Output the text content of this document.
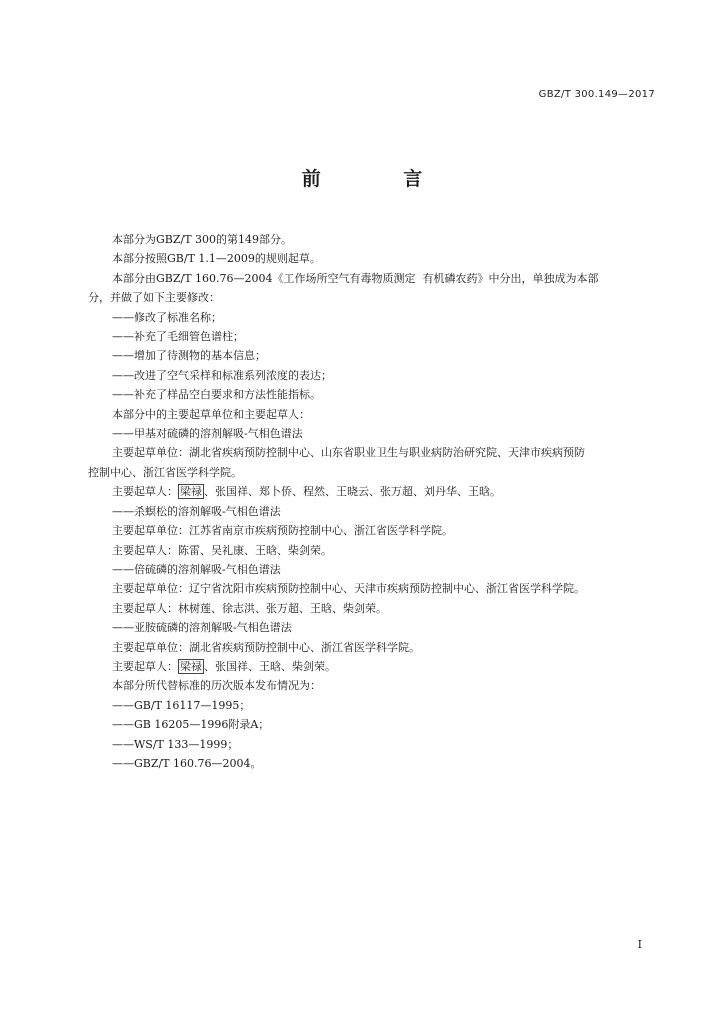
GBZ/T 300.149—2017
前 言
本部分为GBZ/T 300的第149部分。
本部分按照GB/T 1.1—2009的规则起草。
本部分由GBZ/T 160.76—2004《工作场所空气有毒物质测定  有机磷农药》中分出，单独成为本部
分，并做了如下主要修改：
——修改了标准名称；
——补充了毛细管色谱柱；
——增加了待测物的基本信息；
——改进了空气采样和标准系列浓度的表达；
——补充了样品空白要求和方法性能指标。
本部分中的主要起草单位和主要起草人：
——甲基对硫磷的溶剂解吸-气相色谱法
主要起草单位：湖北省疾病预防控制中心、山东省职业卫生与职业病防治研究院、天津市疾病预防
控制中心、浙江省医学科学院。
主要起草人： 梁禄 、张国祥、郑卜侨、程然、王晓云、张万超、刘丹华、王晗。
——杀螟松的溶剂解吸-气相色谱法
主要起草单位：江苏省南京市疾病预防控制中心、浙江省医学科学院。
主要起草人：陈雷、吴礼康、王晗、柴剑荣。
——倍硫磷的溶剂解吸-气相色谱法
主要起草单位：辽宁省沈阳市疾病预防控制中心、天津市疾病预防控制中心、浙江省医学科学院。
主要起草人：林树莲、徐志洪、张万超、王晗、柴剑荣。
——亚胺硫磷的溶剂解吸-气相色谱法
主要起草单位：湖北省疾病预防控制中心、浙江省医学科学院。
主要起草人： 梁禄 、张国祥、王晗、柴剑荣。
本部分所代替标准的历次版本发布情况为：
——GB/T 16117—1995；
——GB 16205—1996附录A；
——WS/T 133—1999；
——GBZ/T 160.76—2004。
I
